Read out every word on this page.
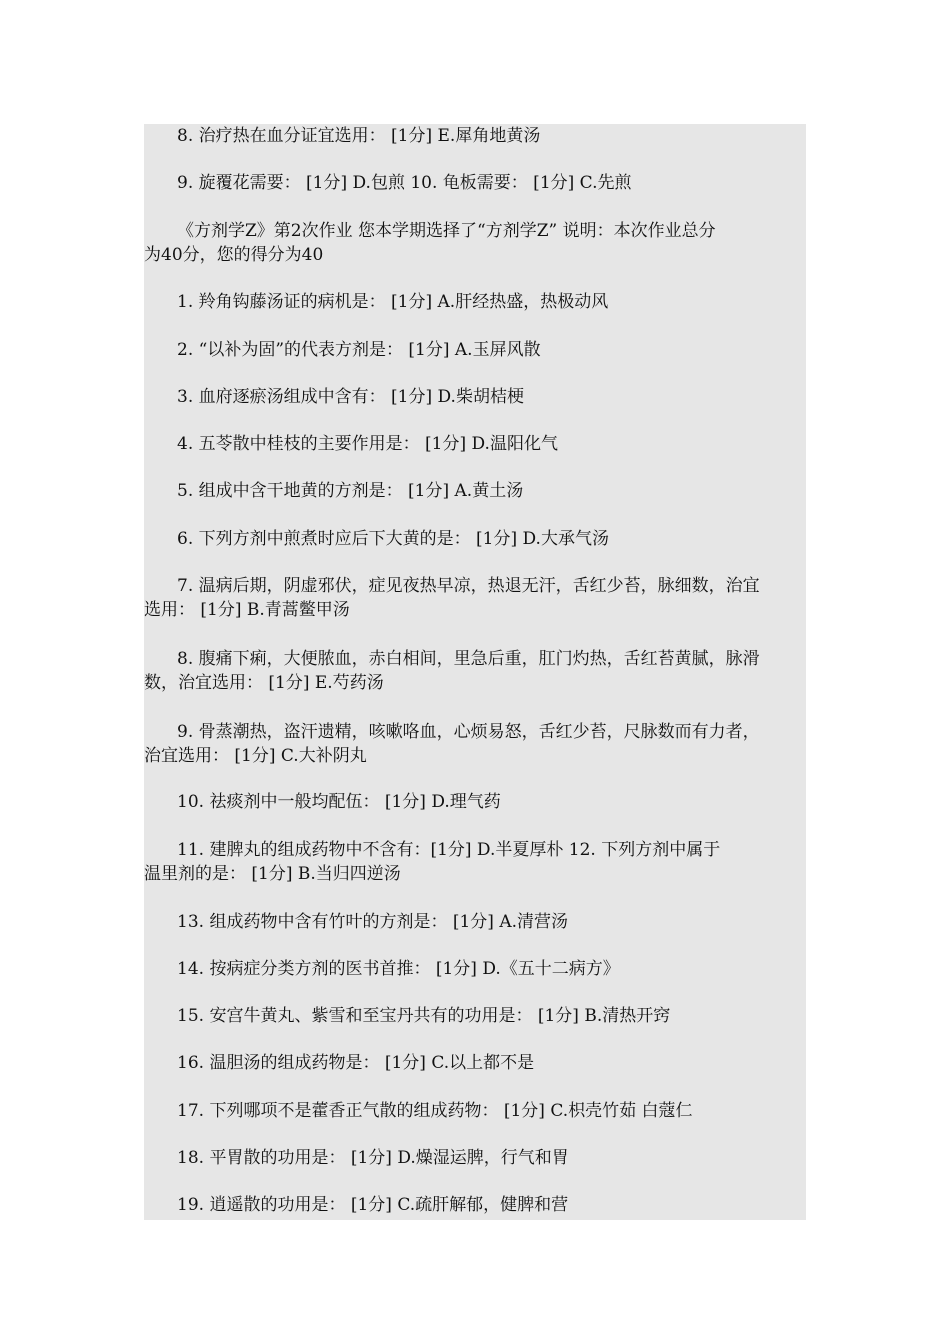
8. 治疗热在血分证宜选用： [1分] E.犀角地黄汤
9. 旋覆花需要： [1分] D.包煎 10. 龟板需要： [1分] C.先煎
《方剂学Z》第2次作业 您本学期选择了“方剂学Z” 说明：本次作业总分
为40分，您的得分为40
1. 羚角钩藤汤证的病机是： [1分] A.肝经热盛，热极动风
2. “以补为固”的代表方剂是： [1分] A.玉屏风散
3. 血府逐瘀汤组成中含有： [1分] D.柴胡桔梗
4. 五苓散中桂枝的主要作用是： [1分] D.温阳化气
5. 组成中含干地黄的方剂是： [1分] A.黄土汤
6. 下列方剂中煎煮时应后下大黄的是： [1分] D.大承气汤
7. 温病后期，阴虚邪伏，症见夜热早凉，热退无汗，舌红少苔，脉细数，治宜
选用： [1分] B.青蒿鳖甲汤
8. 腹痛下痢，大便脓血，赤白相间，里急后重，肛门灼热，舌红苔黄腻，脉滑
数，治宜选用： [1分] E.芍药汤
9. 骨蒸潮热，盗汗遗精，咳嗽咯血，心烦易怒，舌红少苔，尺脉数而有力者，
治宜选用： [1分] C.大补阴丸
10. 祛痰剂中一般均配伍： [1分] D.理气药
11. 建脾丸的组成药物中不含有：[1分] D.半夏厚朴 12. 下列方剂中属于
温里剂的是： [1分] B.当归四逆汤
13. 组成药物中含有竹叶的方剂是： [1分] A.清营汤
14. 按病症分类方剂的医书首推： [1分] D.《五十二病方》
15. 安宫牛黄丸、紫雪和至宝丹共有的功用是： [1分] B.清热开窍
16. 温胆汤的组成药物是： [1分] C.以上都不是
17. 下列哪项不是藿香正气散的组成药物： [1分] C.枳壳竹茹 白蔻仁
18. 平胃散的功用是： [1分] D.燥湿运脾，行气和胃
19. 逍遥散的功用是： [1分] C.疏肝解郁，健脾和营
